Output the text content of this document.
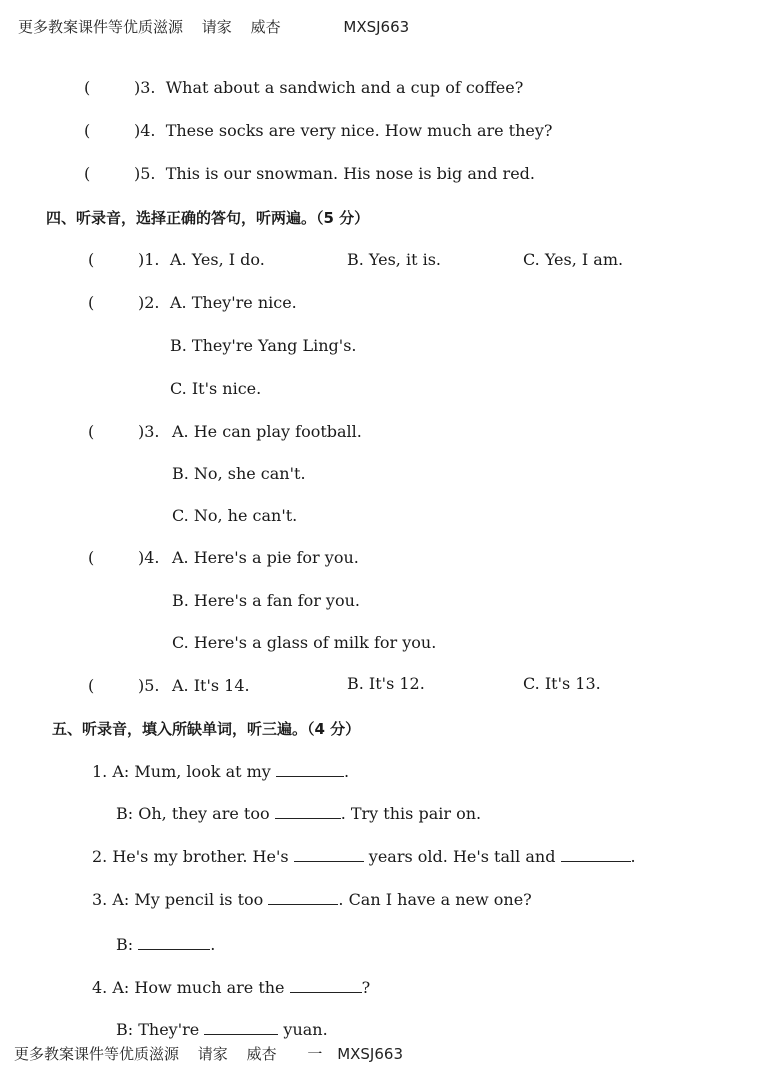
更多教案课件等优质滋源 请家 威杏	MXSJ663
(	)3. What about a sandwich and a cup of coffee?
(	)4. These socks are very nice. How much are they?
(	)5. This is our snowman. His nose is big and red.
四、听录音，选择正确的答句，听两遍。（5 分）
(	)1. A. Yes, I do.	B. Yes, it is.	C. Yes, I am.
(	)2. A. They're nice.
B. They're Yang Ling's.
C. It's nice.
(	)3. A. He can play football.
B. No, she can't.
C. No, he can't.
(	)4. A. Here's a pie for you.
B. Here's a fan for you.
C. Here's a glass of milk for you.
(	)5. A. It's 14.	B. It's 12.	C. It's 13.
五、听录音，填入所缺单词，听三遍。（4 分）
1. A: Mum, look at my	.
B: Oh, they are too	. Try this pair on.
2. He's my brother. He's	years old. He's tall and	.
3. A: My pencil is too	. Can I have a new one?
B:	.
4. A: How much are the	?
B: They're	yuan.
更多教案课件等优质滋源 请家 威杏 一 MXSJ663
